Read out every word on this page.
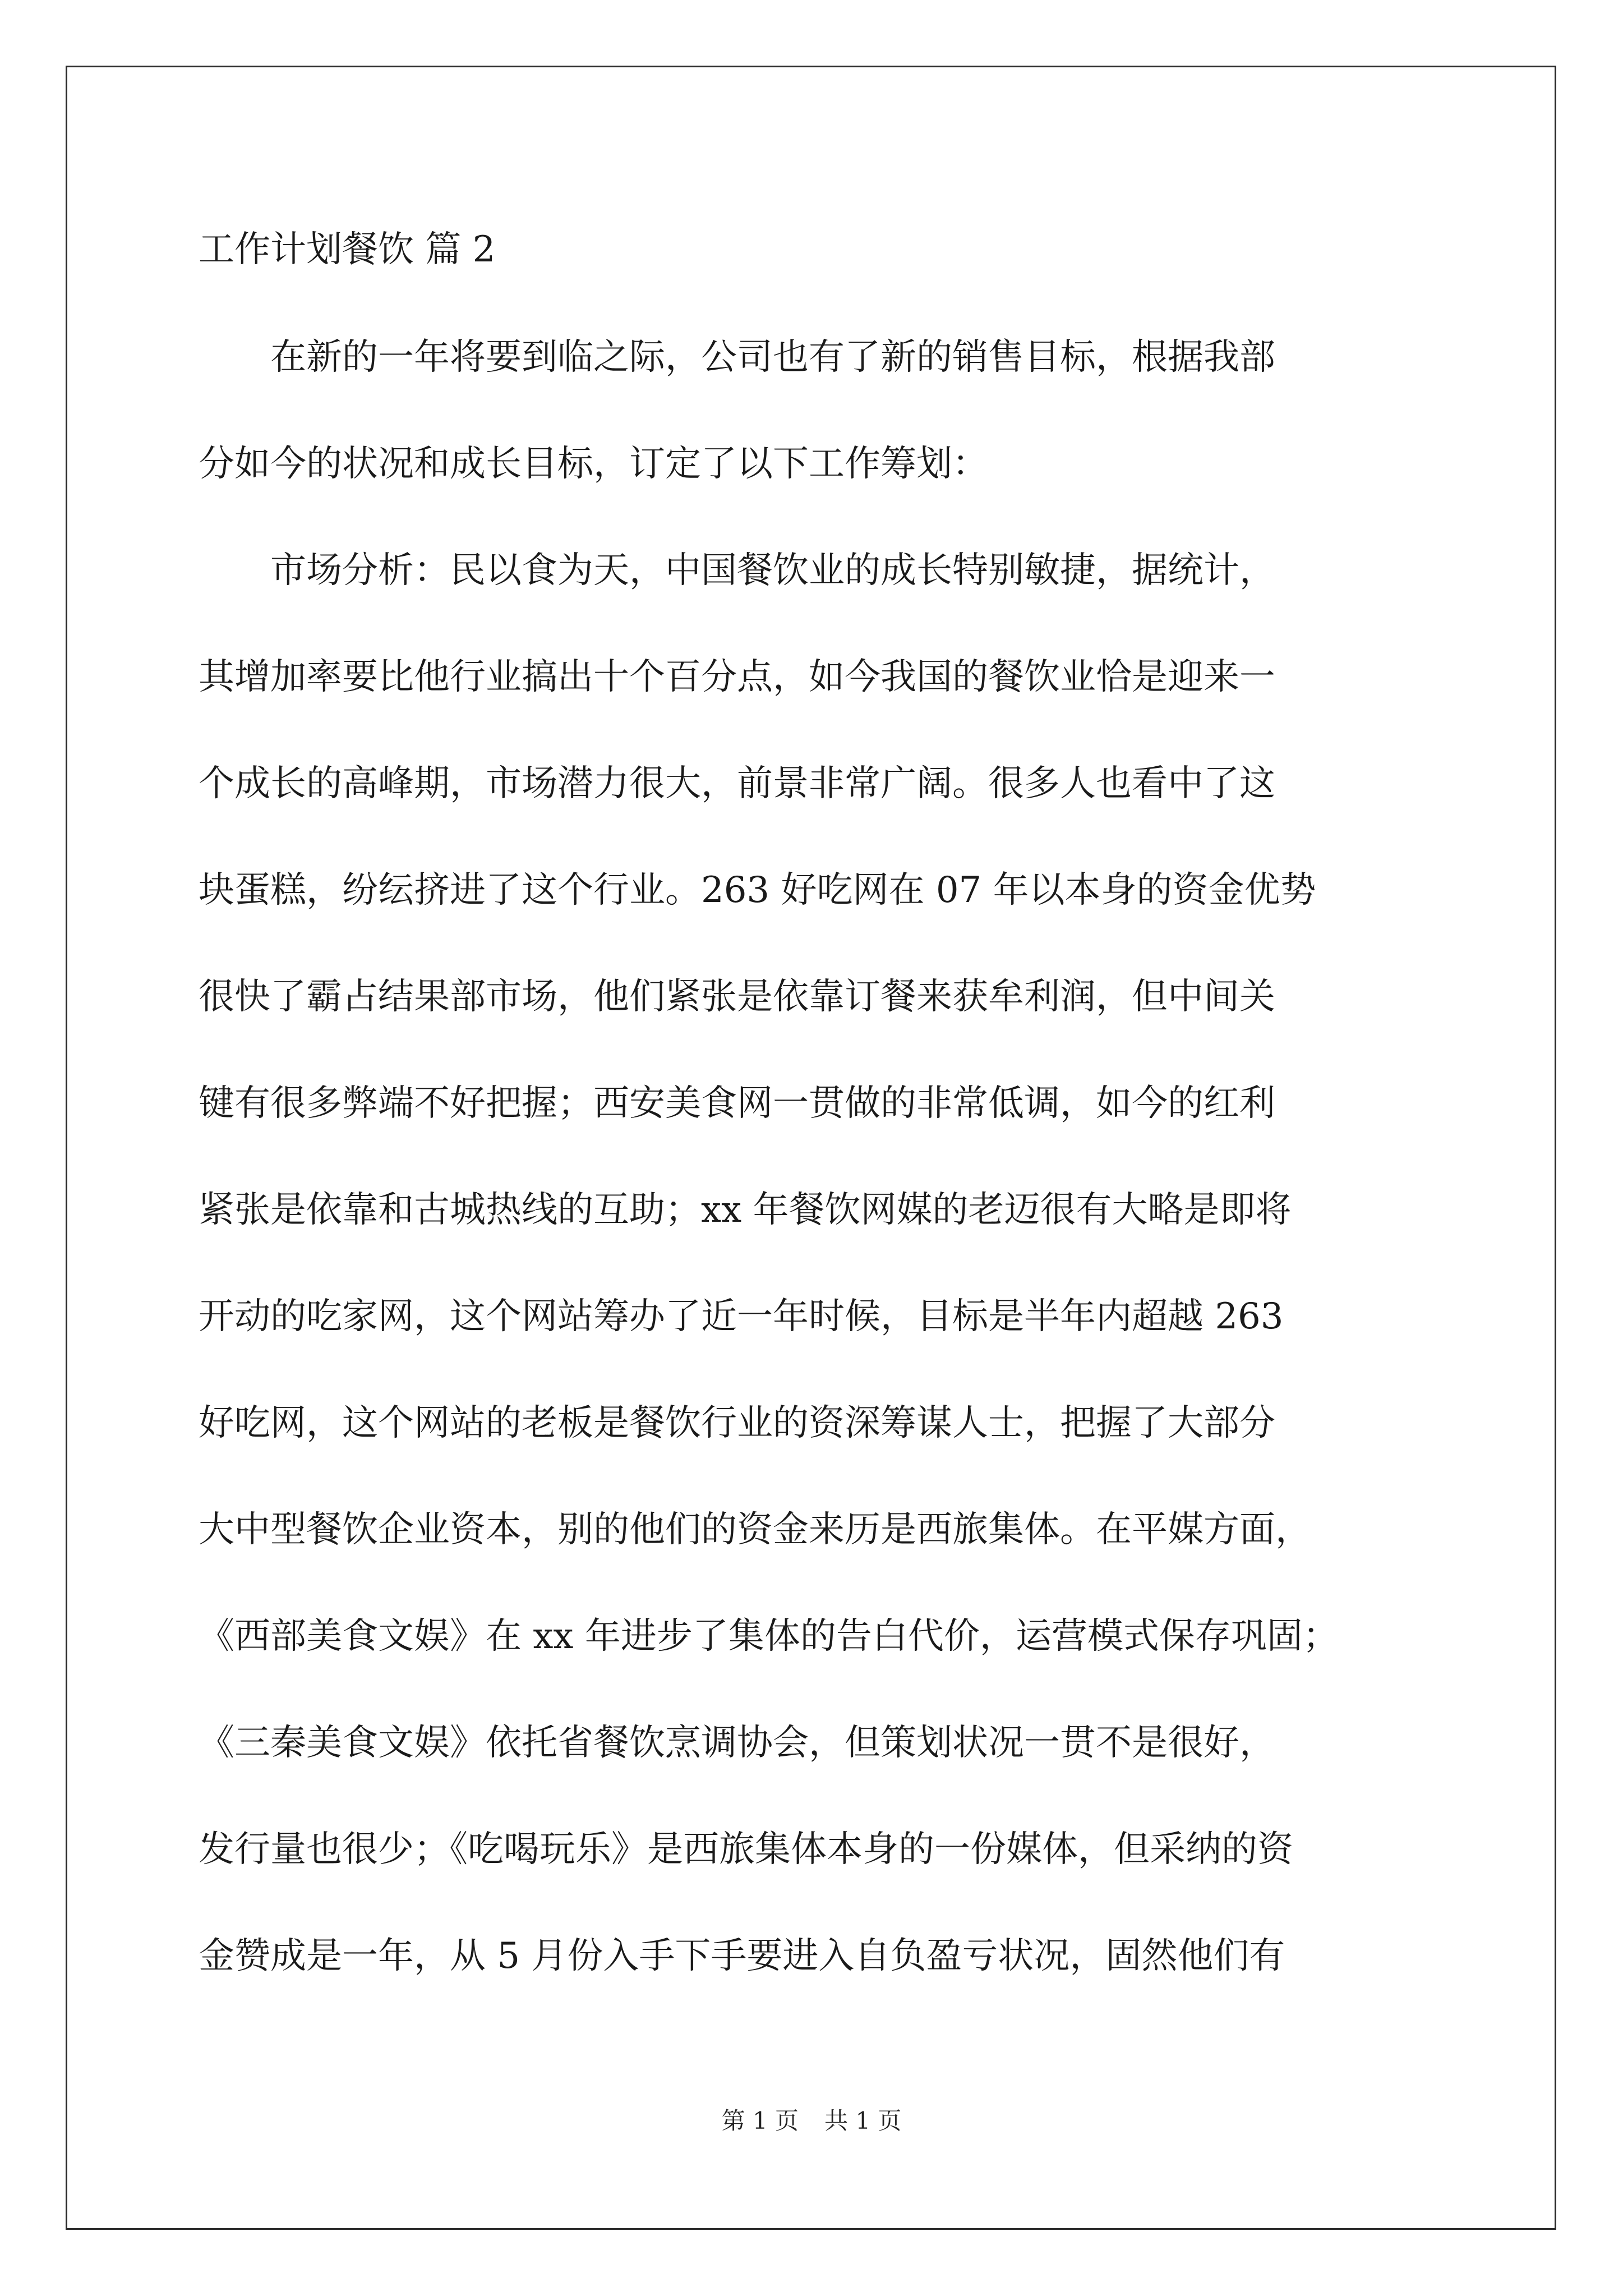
工作计划餐饮 篇 2

　　在新的一年将要到临之际，公司也有了新的销售目标，根据我部

分如今的状况和成长目标，订定了以下工作筹划：

　　市场分析：民以食为天，中国餐饮业的成长特别敏捷，据统计，

其增加率要比他行业搞出十个百分点，如今我国的餐饮业恰是迎来一

个成长的高峰期，市场潜力很大，前景非常广阔。很多人也看中了这

块蛋糕，纷纭挤进了这个行业。263 好吃网在 07 年以本身的资金优势

很快了霸占结果部市场，他们紧张是依靠订餐来获牟利润，但中间关

键有很多弊端不好把握；西安美食网一贯做的非常低调，如今的红利

紧张是依靠和古城热线的互助；xx 年餐饮网媒的老迈很有大略是即将

开动的吃家网，这个网站筹办了近一年时候，目标是半年内超越 263

好吃网，这个网站的老板是餐饮行业的资深筹谋人士，把握了大部分

大中型餐饮企业资本，别的他们的资金来历是西旅集体。在平媒方面，

《西部美食文娱》在 xx 年进步了集体的告白代价，运营模式保存巩固；

《三秦美食文娱》依托省餐饮烹调协会，但策划状况一贯不是很好，

发行量也很少；《吃喝玩乐》是西旅集体本身的一份媒体，但采纳的资

金赞成是一年，从 5 月份入手下手要进入自负盈亏状况，固然他们有

第 1 页 共 1 页
